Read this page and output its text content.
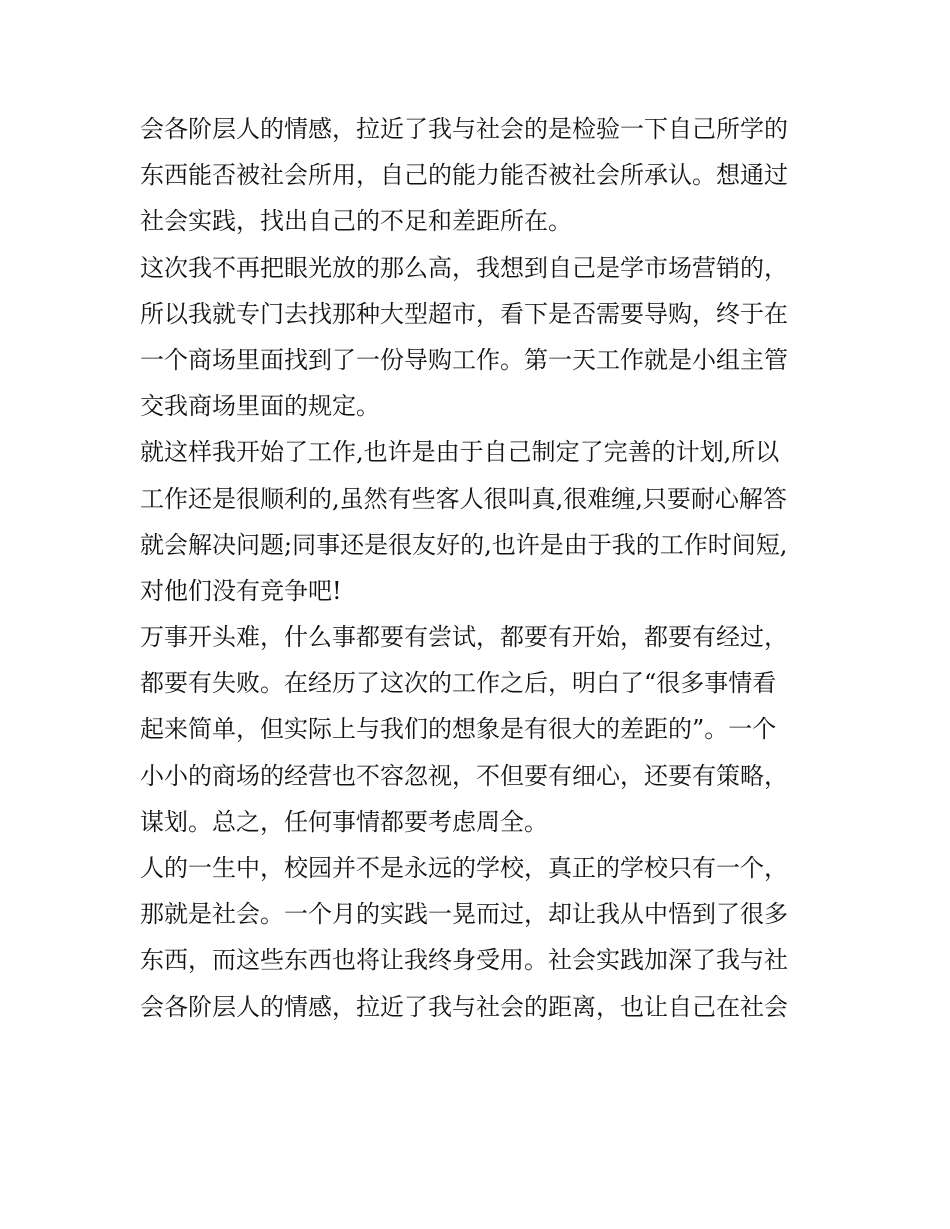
会各阶层人的情感，拉近了我与社会的是检验一下自己所学的
东西能否被社会所用，自己的能力能否被社会所承认。想通过
社会实践，找出自己的不足和差距所在。
这次我不再把眼光放的那么高，我想到自己是学市场营销的，
所以我就专门去找那种大型超市，看下是否需要导购，终于在
一个商场里面找到了一份导购工作。第一天工作就是小组主管
交我商场里面的规定。
就这样我开始了工作,也许是由于自己制定了完善的计划,所以
工作还是很顺利的,虽然有些客人很叫真,很难缠,只要耐心解答
就会解决问题;同事还是很友好的,也许是由于我的工作时间短,
对他们没有竞争吧!
万事开头难，什么事都要有尝试，都要有开始，都要有经过，
都要有失败。在经历了这次的工作之后，明白了“很多事情看
起来简单，但实际上与我们的想象是有很大的差距的”。一个
小小的商场的经营也不容忽视，不但要有细心，还要有策略，
谋划。总之，任何事情都要考虑周全。
人的一生中，校园并不是永远的学校，真正的学校只有一个，
那就是社会。一个月的实践一晃而过，却让我从中悟到了很多
东西，而这些东西也将让我终身受用。社会实践加深了我与社
会各阶层人的情感，拉近了我与社会的距离，也让自己在社会
